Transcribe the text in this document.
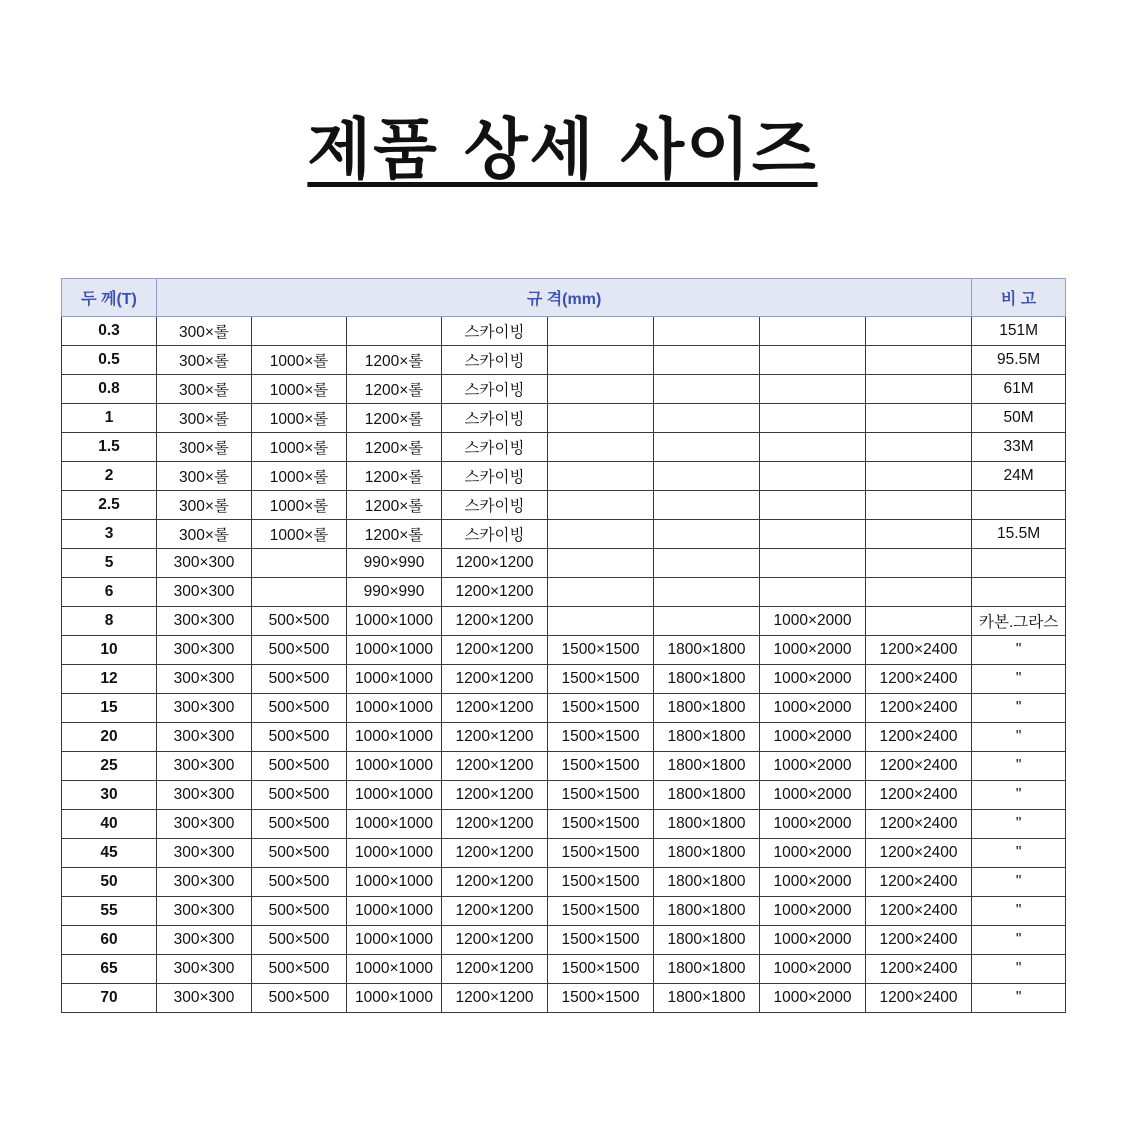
제품 상세 사이즈
두 께(T)	규 격(mm)								비 고
0.3	300×롤			스카이빙					151M
0.5	300×롤	1000×롤	1200×롤	스카이빙					95.5M
0.8	300×롤	1000×롤	1200×롤	스카이빙					61M
1	300×롤	1000×롤	1200×롤	스카이빙					50M
1.5	300×롤	1000×롤	1200×롤	스카이빙					33M
2	300×롤	1000×롤	1200×롤	스카이빙					24M
2.5	300×롤	1000×롤	1200×롤	스카이빙					
3	300×롤	1000×롤	1200×롤	스카이빙					15.5M
5	300×300		990×990	1200×1200					
6	300×300		990×990	1200×1200					
8	300×300	500×500	1000×1000	1200×1200			1000×2000		카본.그라스
10	300×300	500×500	1000×1000	1200×1200	1500×1500	1800×1800	1000×2000	1200×2400	"
12	300×300	500×500	1000×1000	1200×1200	1500×1500	1800×1800	1000×2000	1200×2400	"
15	300×300	500×500	1000×1000	1200×1200	1500×1500	1800×1800	1000×2000	1200×2400	"
20	300×300	500×500	1000×1000	1200×1200	1500×1500	1800×1800	1000×2000	1200×2400	"
25	300×300	500×500	1000×1000	1200×1200	1500×1500	1800×1800	1000×2000	1200×2400	"
30	300×300	500×500	1000×1000	1200×1200	1500×1500	1800×1800	1000×2000	1200×2400	"
40	300×300	500×500	1000×1000	1200×1200	1500×1500	1800×1800	1000×2000	1200×2400	"
45	300×300	500×500	1000×1000	1200×1200	1500×1500	1800×1800	1000×2000	1200×2400	"
50	300×300	500×500	1000×1000	1200×1200	1500×1500	1800×1800	1000×2000	1200×2400	"
55	300×300	500×500	1000×1000	1200×1200	1500×1500	1800×1800	1000×2000	1200×2400	"
60	300×300	500×500	1000×1000	1200×1200	1500×1500	1800×1800	1000×2000	1200×2400	"
65	300×300	500×500	1000×1000	1200×1200	1500×1500	1800×1800	1000×2000	1200×2400	"
70	300×300	500×500	1000×1000	1200×1200	1500×1500	1800×1800	1000×2000	1200×2400	"
